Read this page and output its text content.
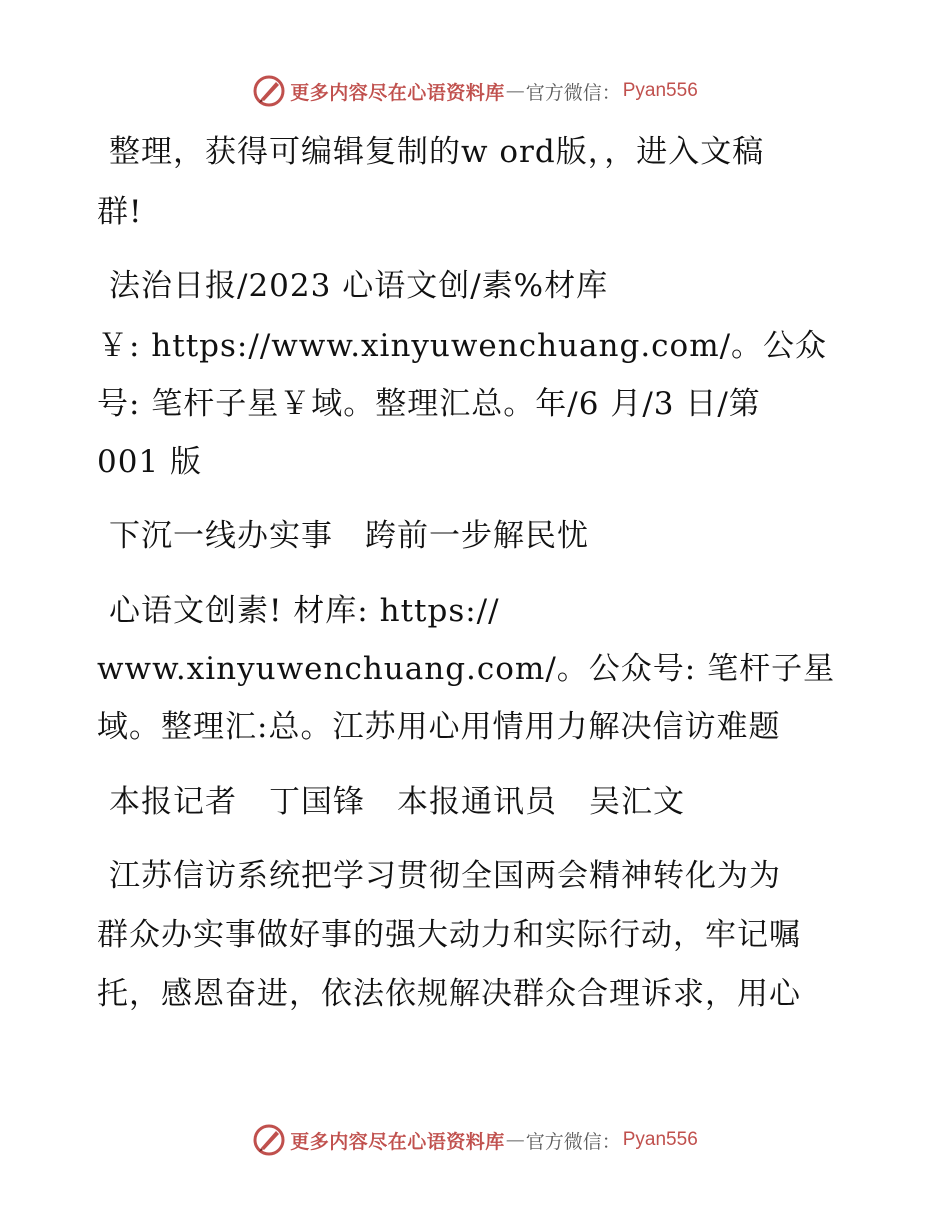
更多内容尽在心语资料库 — 官方微信： Pyan556
整理，获得可编辑复制的w ord版，，进入文稿
群!
法治日报/2023 心语文创/素%材库
￥: https://www.xinyuwenchuang.com/。公众
号: 笔杆子星￥域。整理汇总。年/6 月/3 日/第
001 版
下沉一线办实事　跨前一步解民忧
心语文创素! 材库: https://
www.xinyuwenchuang.com/。公众号: 笔杆子星
域。整理汇:总。江苏用心用情用力解决信访难题
本报记者　丁国锋　本报通讯员　吴汇文
江苏信访系统把学习贯彻全国两会精神转化为为
群众办实事做好事的强大动力和实际行动，牢记嘱
托，感恩奋进，依法依规解决群众合理诉求，用心
更多内容尽在心语资料库 — 官方微信： Pyan556
